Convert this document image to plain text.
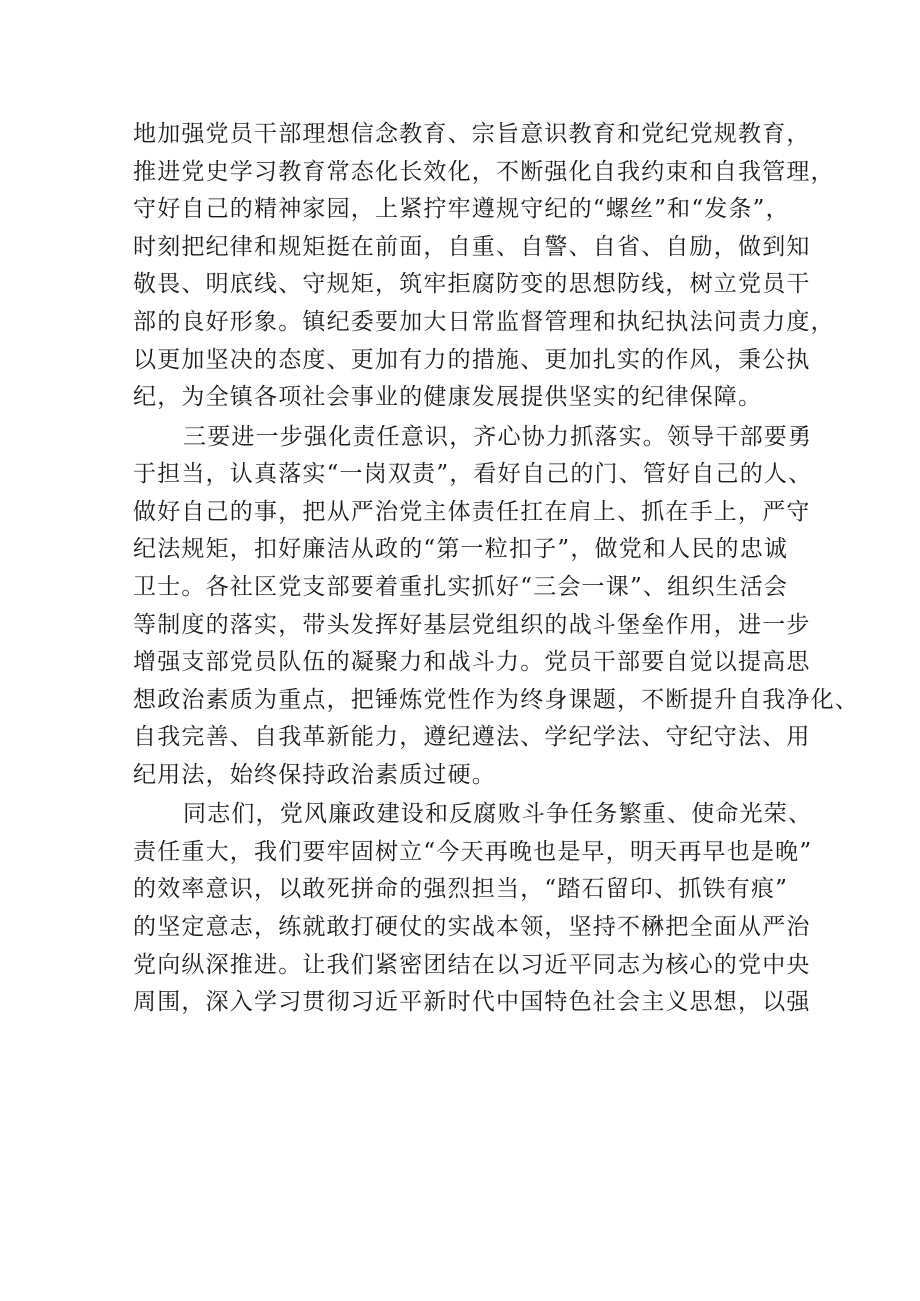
地加强党员干部理想信念教育、宗旨意识教育和党纪党规教育，
推进党史学习教育常态化长效化，不断强化自我约束和自我管理，
守好自己的精神家园，上紧拧牢遵规守纪的“螺丝”和“发条”，
时刻把纪律和规矩挺在前面，自重、自警、自省、自励，做到知
敬畏、明底线、守规矩，筑牢拒腐防变的思想防线，树立党员干
部的良好形象。镇纪委要加大日常监督管理和执纪执法问责力度，
以更加坚决的态度、更加有力的措施、更加扎实的作风，秉公执
纪，为全镇各项社会事业的健康发展提供坚实的纪律保障。
三要进一步强化责任意识，齐心协力抓落实。领导干部要勇
于担当，认真落实“一岗双责”，看好自己的门、管好自己的人、
做好自己的事，把从严治党主体责任扛在肩上、抓在手上，严守
纪法规矩，扣好廉洁从政的“第一粒扣子”，做党和人民的忠诚
卫士。各社区党支部要着重扎实抓好“三会一课”、组织生活会
等制度的落实，带头发挥好基层党组织的战斗堡垒作用，进一步
增强支部党员队伍的凝聚力和战斗力。党员干部要自觉以提高思
想政治素质为重点，把锤炼党性作为终身课题，不断提升自我净化、
自我完善、自我革新能力，遵纪遵法、学纪学法、守纪守法、用
纪用法，始终保持政治素质过硬。
同志们，党风廉政建设和反腐败斗争任务繁重、使命光荣、
责任重大，我们要牢固树立“今天再晚也是早，明天再早也是晚”
的效率意识，以敢死拼命的强烈担当，“踏石留印、抓铁有痕”
的坚定意志，练就敢打硬仗的实战本领，坚持不楙把全面从严治
党向纵深推进。让我们紧密团结在以习近平同志为核心的党中央
周围，深入学习贯彻习近平新时代中国特色社会主义思想，以强
